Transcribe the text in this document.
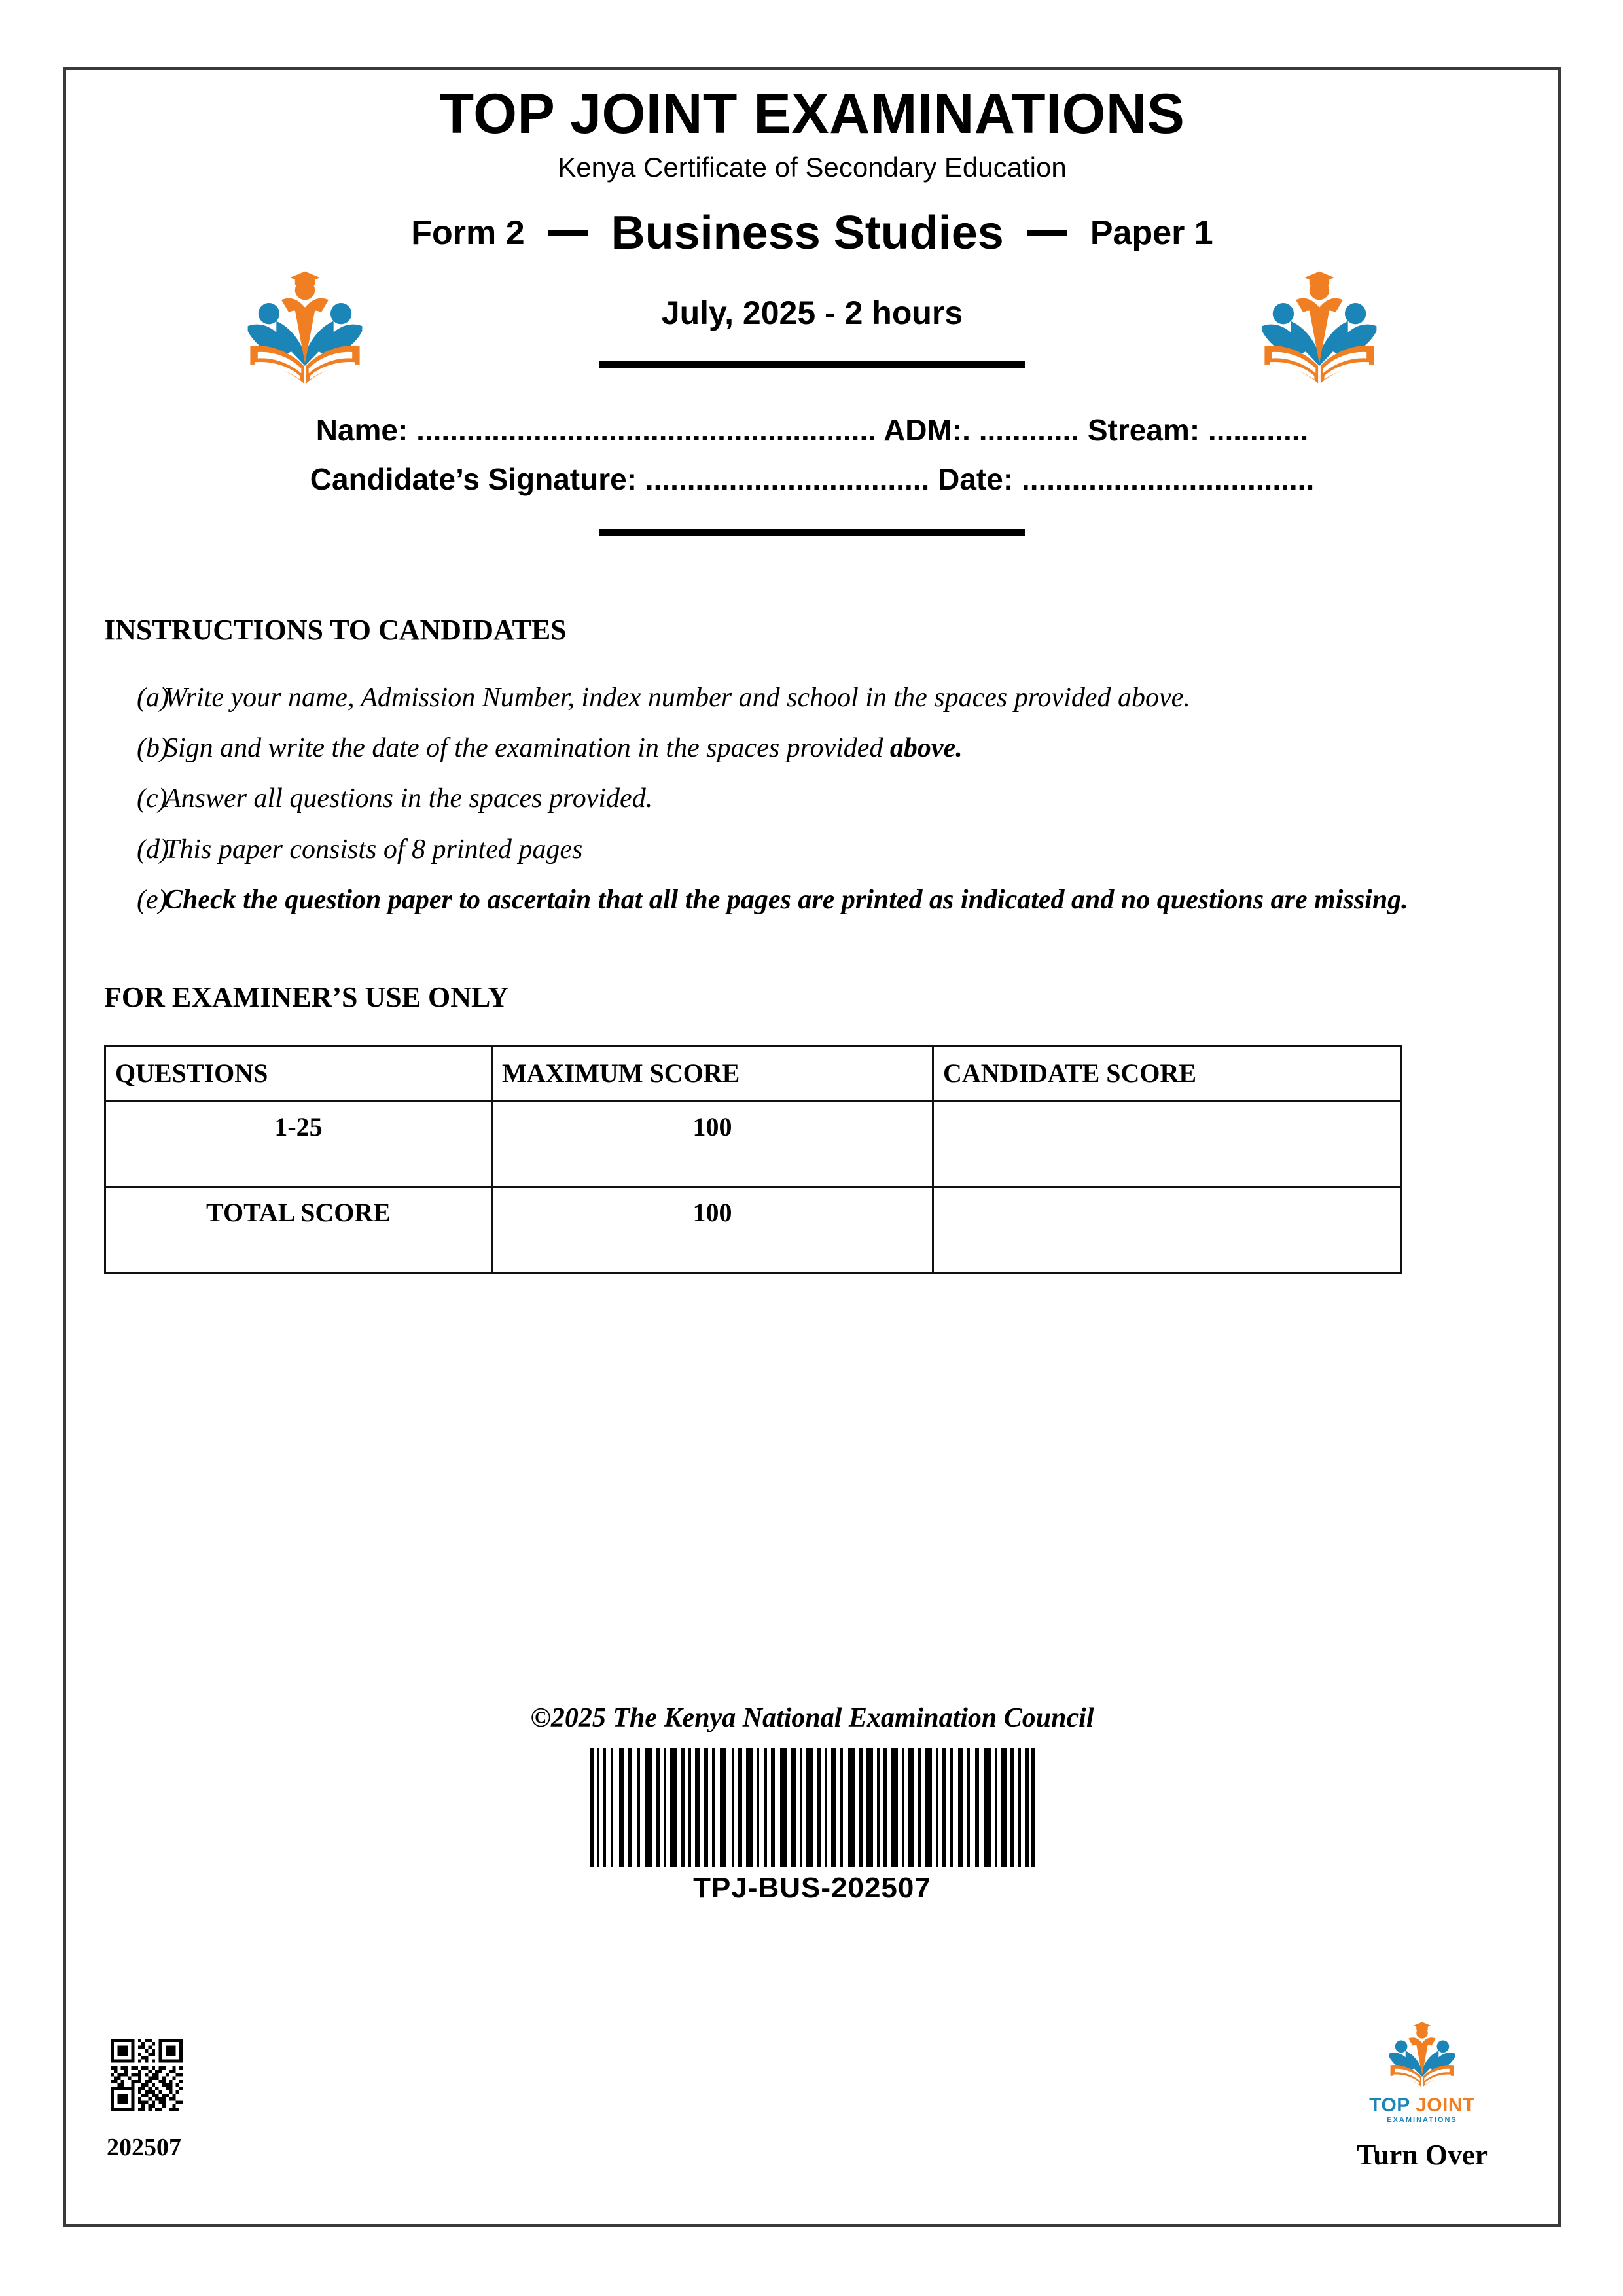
TOP JOINT EXAMINATIONS
Kenya Certificate of Secondary Education
Form 2 Business Studies	Paper 1
July, 2025 - 2 hours
Name: ....................................................... ADM:. ............ Stream: ............
Candidate’s Signature: .................................. Date: ...................................
INSTRUCTIONS TO CANDIDATES
(a)
Write your name, Admission Number, index number and school in the spaces provided above.
(b)
Sign and write the date of the examination in the spaces provided above.
(c)
Answer all questions in the spaces provided.
(d)
This paper consists of 8 printed pages
(e)
Check the question paper to ascertain that all the pages are printed as indicated and no questions are missing.
FOR EXAMINER’S USE ONLY
QUESTIONS	MAXIMUM SCORE	CANDIDATE SCORE
1-25	100	
TOTAL SCORE	100	
©2025 The Kenya National Examination Council
TPJ-BUS-202507
202507
TOP JOINT
EXAMINATIONS
Turn Over
